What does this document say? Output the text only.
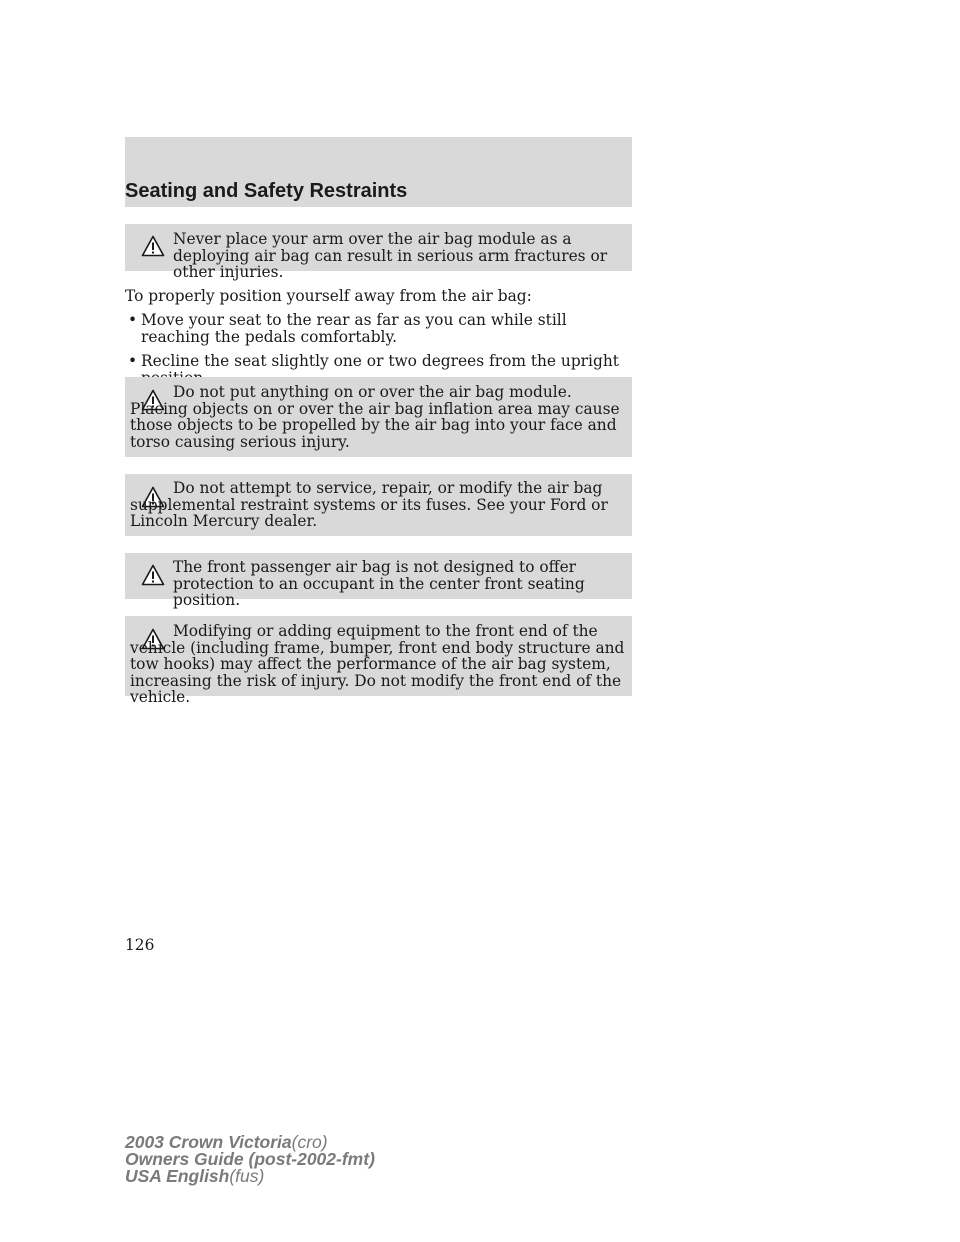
Seating and Safety Restraints
Never place your arm over the air bag module as a deploying air bag can result in serious arm fractures or other injuries.
To properly position yourself away from the air bag:
• Move your seat to the rear as far as you can while still reaching the pedals comfortably.
• Recline the seat slightly one or two degrees from the upright
Do not put anything on or over the air bag module. Placing objects on or over the air bag inflation area may cause those objects to be propelled by the air bag into your face and torso causing serious injury.
Do not attempt to service, repair, or modify the air bag supplemental restraint systems or its fuses. See your Ford or Lincoln Mercury dealer.
The front passenger air bag is not designed to offer protection to an occupant in the center front seating position.
Modifying or adding equipment to the front end of the vehicle (including frame, bumper, front end body structure and tow hooks) may affect the performance of the air bag system, increasing the risk of injury. Do not modify the front end of the vehicle.
126
2003 Crown Victoria(cro)
Owners Guide (post-2002-fmt)
USA English(fus)
